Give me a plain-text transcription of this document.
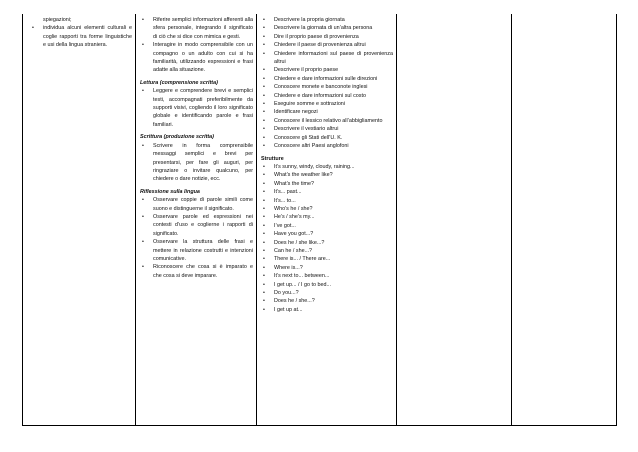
spiegazioni;

• individua alcuni elementi culturali e coglie rapporti tra forme linguistiche e usi della lingua straniera.
• Riferire semplici informazioni afferenti alla sfera personale, integrando il significato di ciò che si dice con mimica e gesti.
• Interagire in modo comprensibile con un compagno o un adulto con cui si ha familiarità, utilizzando espressioni e frasi adatte alla situazione.
Lettura (comprensione scritta)
• Leggere e comprendere brevi e semplici testi, accompagnati preferibilmente da supporti visivi, cogliendo il loro significato globale e identificando parole e frasi familiari.
Scrittura (produzione scritta)
• Scrivere in forma comprensibile messaggi semplici e brevi per presentarsi, per fare gli auguri, per ringraziare o invitare qualcuno, per chiedere o dare notizie, ecc.
Riflessione sulla lingua
• Osservare coppie di parole simili come suono e distinguerne il significato.
• Osservare parole ed espressioni nei contesti d’uso e coglierne i rapporti di significato.
• Osservare la struttura delle frasi e mettere in relazione costrutti e intenzioni comunicative.
• Riconoscere che cosa si è imparato e che cosa si deve imparare.
• Descrivere la propria giornata
• Descrivere la giornata di un’altra persona
• Dire il proprio paese di provenienza
• Chiedere il paese di provenienza altrui
• Chiedere informazioni sul paese di provenienza altrui
• Descrivere il proprio paese
• Chiedere e dare informazioni sulle direzioni
• Conoscere monete e banconote inglesi
• Chiedere e dare informazioni sul costo
• Eseguire somme e sottrazioni
• Identificare negozi
• Conoscere il lessico relativo all’abbigliamento
• Descrivere il vestiario altrui
• Conoscere gli Stati dell’U. K.
• Conoscere altri Paesi anglofoni
Strutture
• It’s sunny, windy, cloudy, raining...
• What’s the weather like?
• What’s the time?
• It’s... past...
• It’s... to...
• Who’s he / she?
• He’s / she’s my...
• I’ve got...
• Have you got...?
• Does he / she like...?
• Can he / she...?
• There is... / There are...
• Where is...?
• It’s next to... between...
• I get up... / I go to bed...
• Do you...?
• Does he / she...?
• I get up at...
